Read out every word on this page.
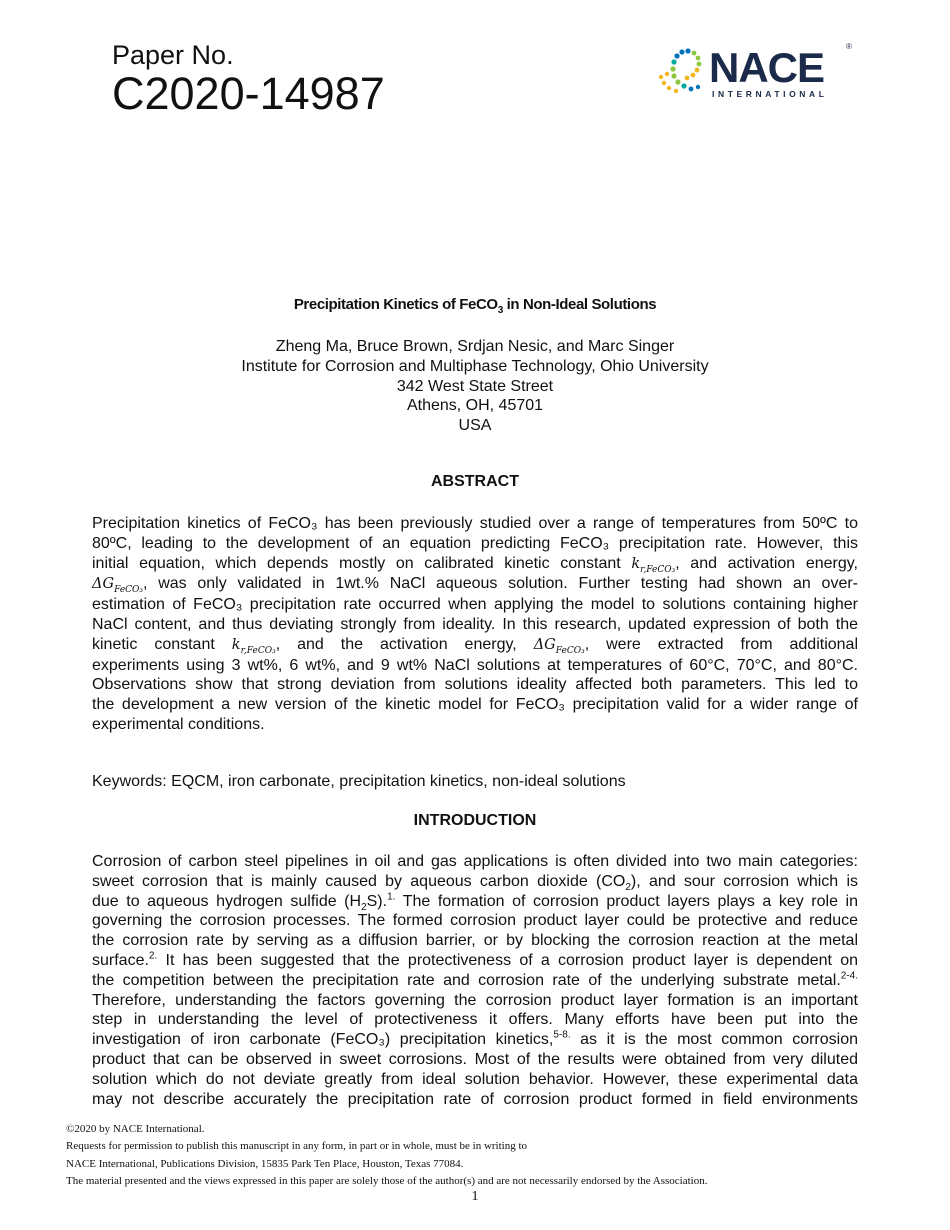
Paper No.
C2020-14987
NACE
INTERNATIONAL
®
Precipitation Kinetics of FeCO$_3$ in Non-Ideal Solutions
Zheng Ma, Bruce Brown, Srdjan Nesic, and Marc Singer
Institute for Corrosion and Multiphase Technology, Ohio University
342 West State Street
Athens, OH, 45701
USA
ABSTRACT
Precipitation kinetics of FeCO₃ has been previously studied over a range of temperatures from 50ºC to
80ºC, leading to the development of an equation predicting FeCO₃ precipitation rate. However, this
initial equation, which depends mostly on calibrated kinetic constant $k_{r,FeCO_3}$, and activation energy,
$\Delta G_{FeCO_3}$, was only validated in 1wt.% NaCl aqueous solution. Further testing had shown an over-
estimation of FeCO₃ precipitation rate occurred when applying the model to solutions containing higher
NaCl content, and thus deviating strongly from ideality. In this research, updated expression of both the
kinetic constant $k_{r,FeCO_3}$, and the activation energy, $\Delta G_{FeCO_3}$, were extracted from additional
experiments using 3 wt%, 6 wt%, and 9 wt% NaCl solutions at temperatures of 60°C, 70°C, and 80°C.
Observations show that strong deviation from solutions ideality affected both parameters. This led to
the development a new version of the kinetic model for FeCO₃ precipitation valid for a wider range of
experimental conditions.
Keywords: EQCM, iron carbonate, precipitation kinetics, non-ideal solutions
INTRODUCTION
Corrosion of carbon steel pipelines in oil and gas applications is often divided into two main categories:
sweet corrosion that is mainly caused by aqueous carbon dioxide $(CO_2)$, and sour corrosion which is
due to aqueous hydrogen sulfide $(H_2S).^{1.}$ The formation of corrosion product layers plays a key role in
governing the corrosion processes. The formed corrosion product layer could be protective and reduce
the corrosion rate by serving as a diffusion barrier, or by blocking the corrosion reaction at the metal
surface.$^{2.}$ It has been suggested that the protectiveness of a corrosion product layer is dependent on
the competition between the precipitation rate and corrosion rate of the underlying substrate metal.$^{2-4.}$
Therefore, understanding the factors governing the corrosion product layer formation is an important
step in understanding the level of protectiveness it offers. Many efforts have been put into the
investigation of iron carbonate (FeCO₃) precipitation kinetics,$^{5-8.}$ as it is the most common corrosion
product that can be observed in sweet corrosions. Most of the results were obtained from very diluted
solution which do not deviate greatly from ideal solution behavior. However, these experimental data
may not describe accurately the precipitation rate of corrosion product formed in field environments
©2020 by NACE International.
Requests for permission to publish this manuscript in any form, in part or in whole, must be in writing to
NACE International, Publications Division, 15835 Park Ten Place, Houston, Texas 77084.
The material presented and the views expressed in this paper are solely those of the author(s) and are not necessarily endorsed by the Association.
1
